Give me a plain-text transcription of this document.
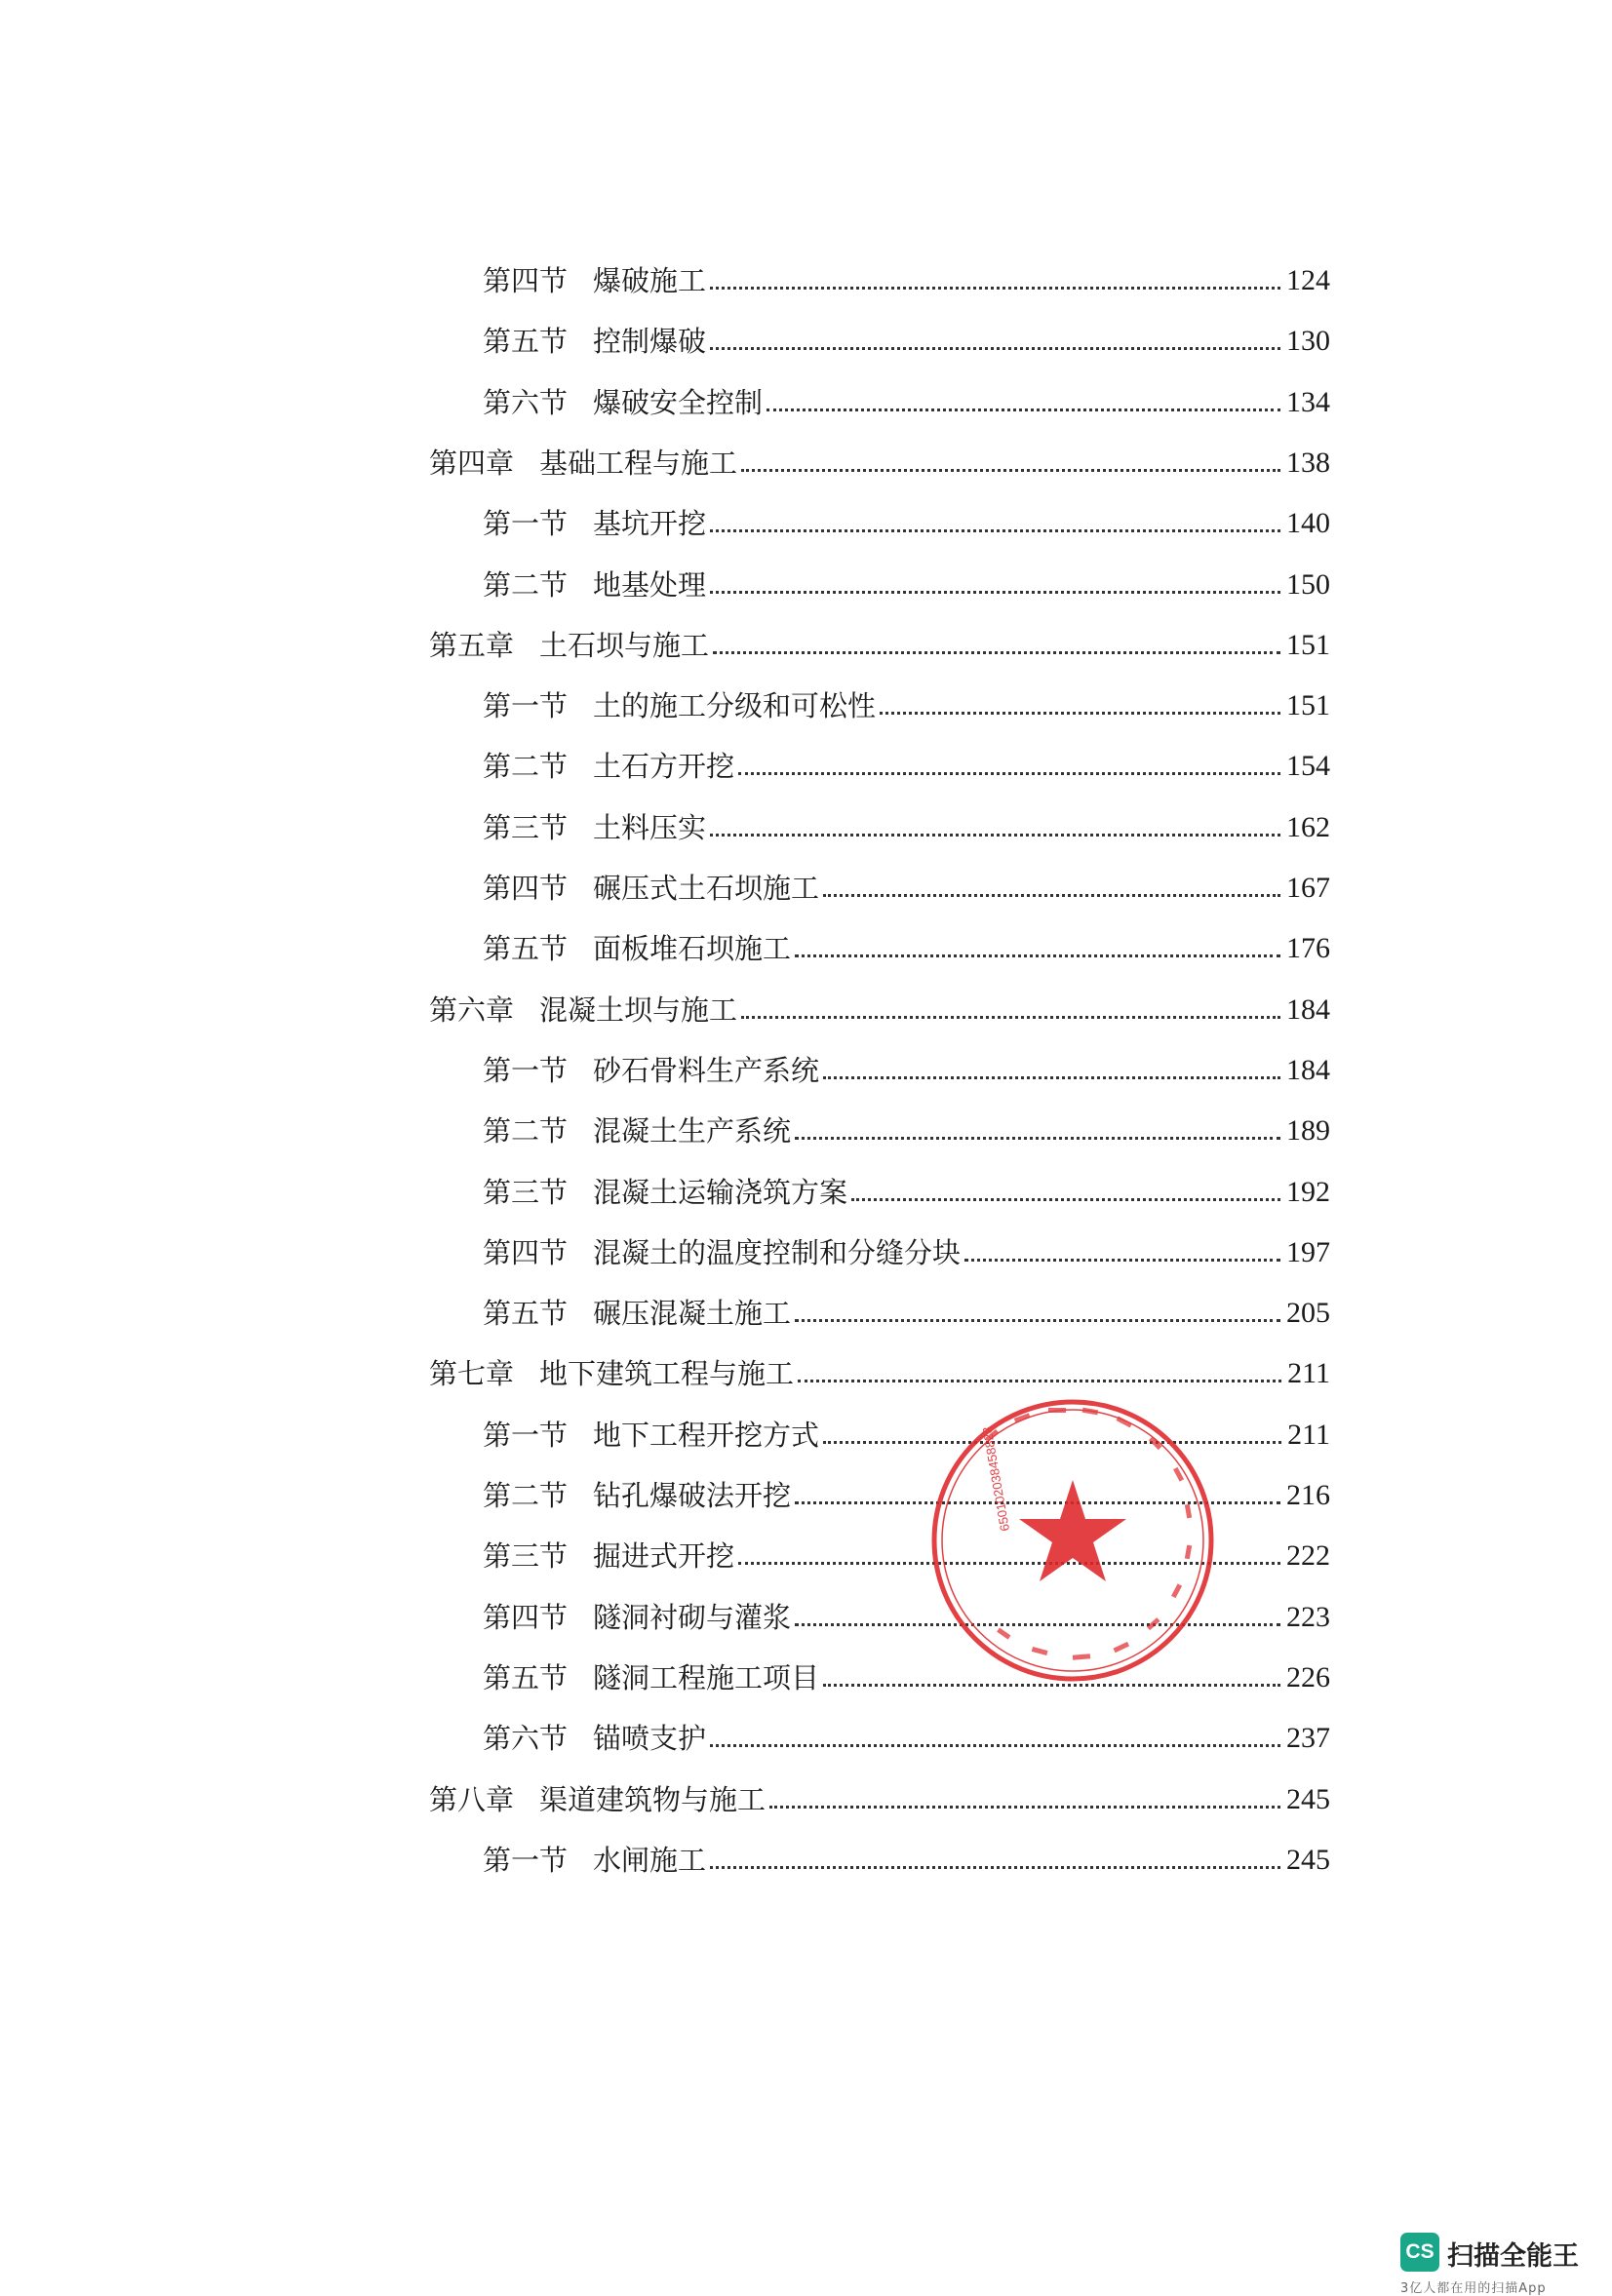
第四节 爆破施工	124
第五节 控制爆破	130
第六节 爆破安全控制	134
第四章 基础工程与施工	138
第一节 基坑开挖	140
第二节 地基处理	150
第五章 土石坝与施工	151
第一节 土的施工分级和可松性	151
第二节 土石方开挖	154
第三节 土料压实	162
第四节 碾压式土石坝施工	167
第五节 面板堆石坝施工	176
第六章 混凝土坝与施工	184
第一节 砂石骨料生产系统	184
第二节 混凝土生产系统	189
第三节 混凝土运输浇筑方案	192
第四节 混凝土的温度控制和分缝分块	197
第五节 碾压混凝土施工	205
第七章 地下建筑工程与施工	211
第一节 地下工程开挖方式	211
第二节 钻孔爆破法开挖	216
第三节 掘进式开挖	222
第四节 隧洞衬砌与灌浆	223
第五节 隧洞工程施工项目	226
第六节 锚喷支护	237
第八章 渠道建筑物与施工	245
第一节 水闸施工	245
650102038458823
CS 扫描全能王
3亿人都在用的扫描App
